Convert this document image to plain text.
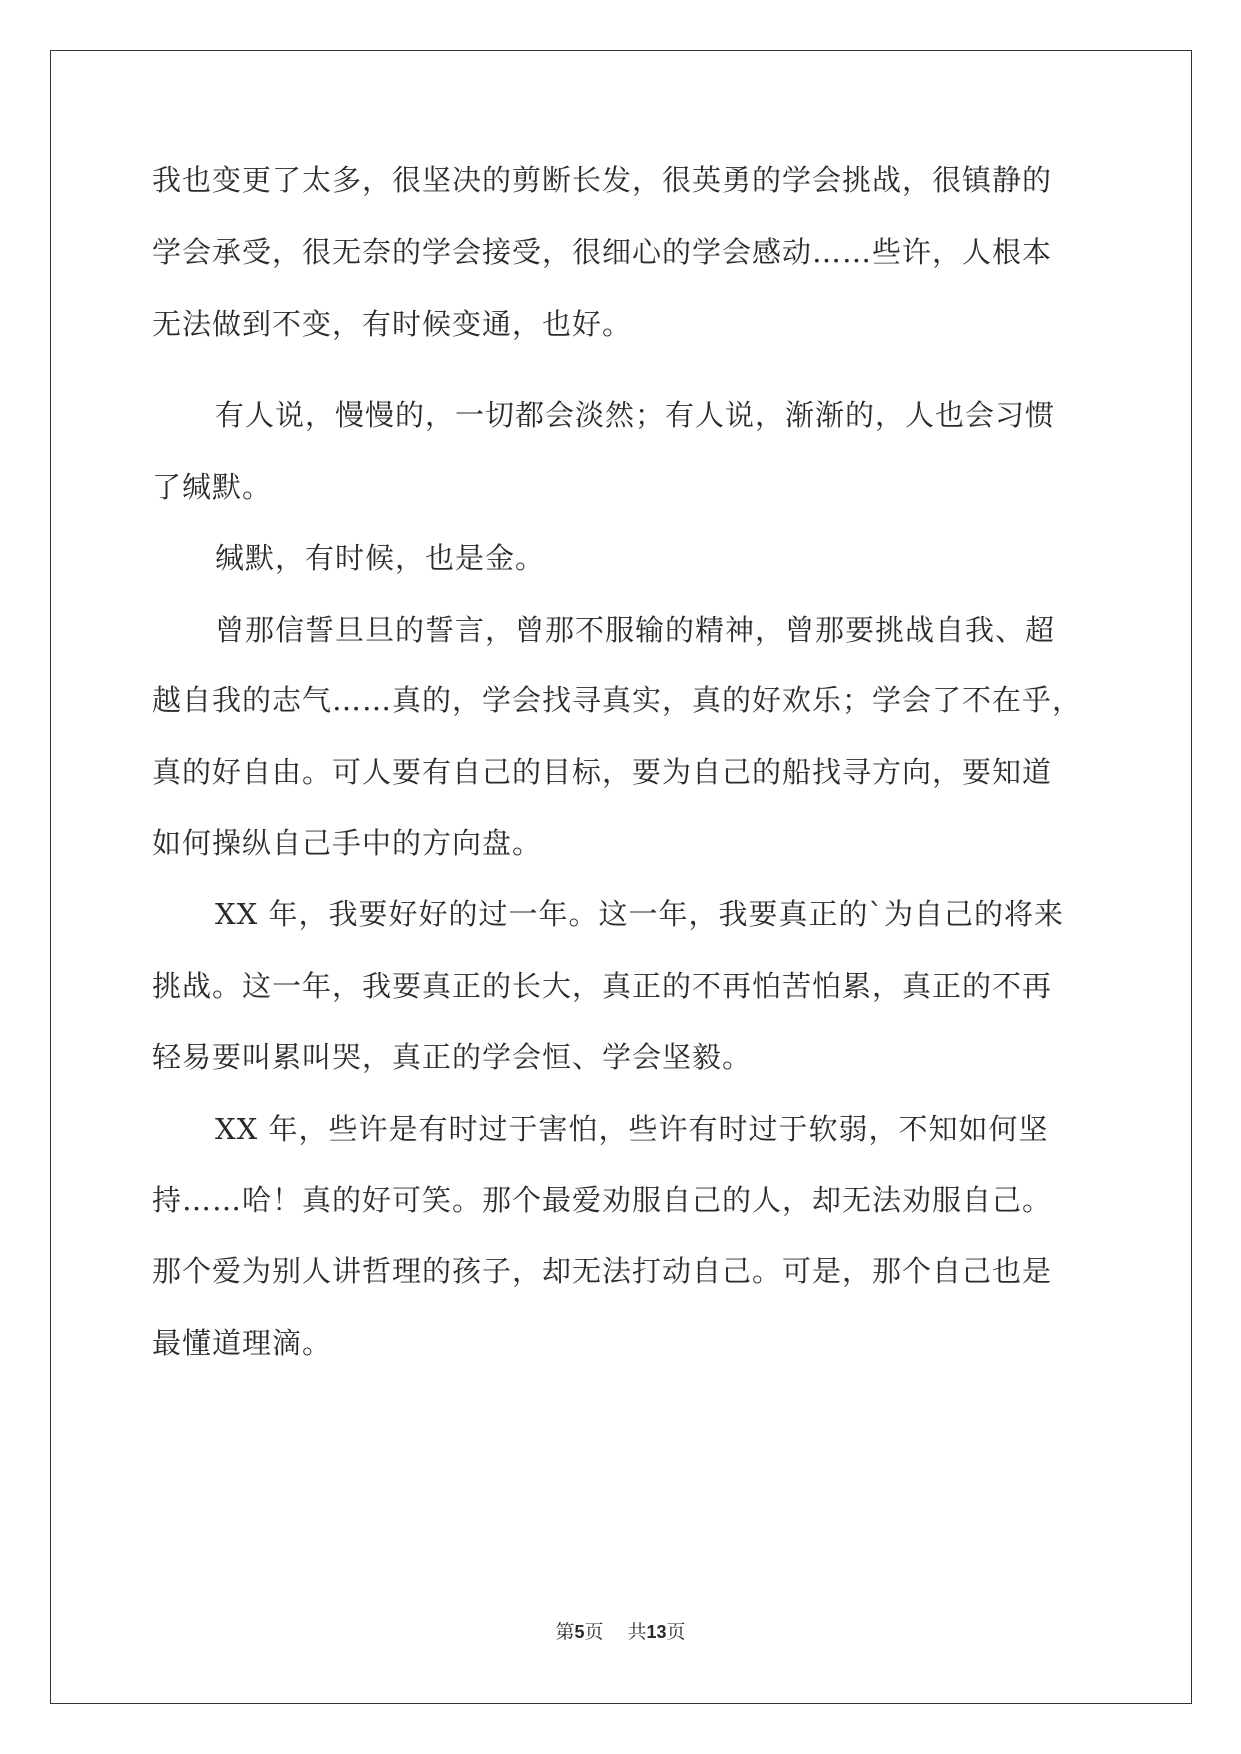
我也变更了太多，很坚决的剪断长发，很英勇的学会挑战，很镇静的
学会承受，很无奈的学会接受，很细心的学会感动……些许，人根本
无法做到不变，有时候变通，也好。
有人说，慢慢的，一切都会淡然；有人说，渐渐的，人也会习惯
了缄默。
缄默，有时候，也是金。
曾那信誓旦旦的誓言，曾那不服输的精神，曾那要挑战自我、超
越自我的志气……真的，学会找寻真实，真的好欢乐；学会了不在乎，
真的好自由。可人要有自己的目标，要为自己的船找寻方向，要知道
如何操纵自己手中的方向盘。
XX 年，我要好好的过一年。这一年，我要真正的`为自己的将来
挑战。这一年，我要真正的长大，真正的不再怕苦怕累，真正的不再
轻易要叫累叫哭，真正的学会恒、学会坚毅。
XX 年，些许是有时过于害怕，些许有时过于软弱，不知如何坚
持……哈！真的好可笑。那个最爱劝服自己的人，却无法劝服自己。
那个爱为别人讲哲理的孩子，却无法打动自己。可是，那个自己也是
最懂道理滴。
第5页 共13页
